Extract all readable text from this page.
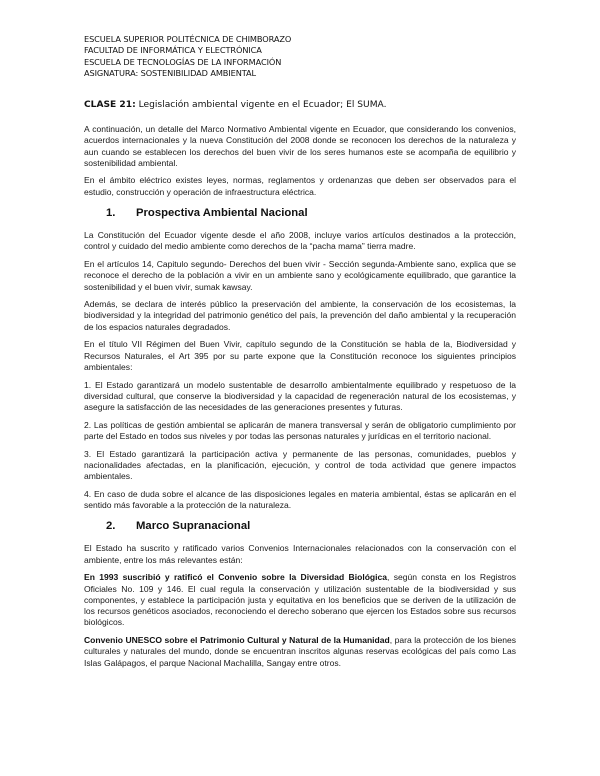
ESCUELA SUPERIOR POLITÉCNICA DE CHIMBORAZO
FACULTAD DE INFORMÁTICA Y ELECTRÓNICA
ESCUELA DE TECNOLOGÍAS DE LA INFORMACIÓN
ASIGNATURA: SOSTENIBILIDAD AMBIENTAL
CLASE 21: Legislación ambiental vigente en el Ecuador; El SUMA.

A continuación, un detalle del Marco Normativo Ambiental vigente en Ecuador, que considerando los convenios, acuerdos internacionales y la nueva Constitución del 2008 donde se reconocen los derechos de la naturaleza y aun cuando se establecen los derechos del buen vivir de los seres humanos este se acompaña de equilibrio y sostenibilidad ambiental.

En el ámbito eléctrico existes leyes, normas, reglamentos y ordenanzas que deben ser observados para el estudio, construcción y operación de infraestructura eléctrica.

1. Prospectiva Ambiental Nacional

La Constitución del Ecuador vigente desde el año 2008, incluye varios artículos destinados a la protección, control y cuidado del medio ambiente como derechos de la “pacha mama” tierra madre.

En el artículos 14, Capitulo segundo- Derechos del buen vivir - Sección segunda-Ambiente sano, explica que se reconoce el derecho de la población a vivir en un ambiente sano y ecológicamente equilibrado, que garantice la sostenibilidad y el buen vivir, sumak kawsay.

Además, se declara de interés público la preservación del ambiente, la conservación de los ecosistemas, la biodiversidad y la integridad del patrimonio genético del país, la prevención del daño ambiental y la recuperación de los espacios naturales degradados.

En el título VII Régimen del Buen Vivir, capítulo segundo de la Constitución se habla de la, Biodiversidad y Recursos Naturales, el Art 395 por su parte expone que la Constitución reconoce los siguientes principios ambientales:

1. El Estado garantizará un modelo sustentable de desarrollo ambientalmente equilibrado y respetuoso de la diversidad cultural, que conserve la biodiversidad y la capacidad de regeneración natural de los ecosistemas, y asegure la satisfacción de las necesidades de las generaciones presentes y futuras.

2. Las políticas de gestión ambiental se aplicarán de manera transversal y serán de obligatorio cumplimiento por parte del Estado en todos sus niveles y por todas las personas naturales y jurídicas en el territorio nacional.

3. El Estado garantizará la participación activa y permanente de las personas, comunidades, pueblos y nacionalidades afectadas, en la planificación, ejecución, y control de toda actividad que genere impactos ambientales.

4. En caso de duda sobre el alcance de las disposiciones legales en materia ambiental, éstas se aplicarán en el sentido más favorable a la protección de la naturaleza.

2. Marco Supranacional

El Estado ha suscrito y ratificado varios Convenios Internacionales relacionados con la conservación con el ambiente, entre los más relevantes están:

En 1993 suscribió y ratificó el Convenio sobre la Diversidad Biológica, según consta en los Registros Oficiales No. 109 y 146. El cual regula la conservación y utilización sustentable de la biodiversidad y sus componentes, y establece la participación justa y equitativa en los beneficios que se deriven de la utilización de los recursos genéticos asociados, reconociendo el derecho soberano que ejercen los Estados sobre sus recursos biológicos.

Convenio UNESCO sobre el Patrimonio Cultural y Natural de la Humanidad, para la protección de los bienes culturales y naturales del mundo, donde se encuentran inscritos algunas reservas ecológicas del país como Las Islas Galápagos, el parque Nacional Machalilla, Sangay entre otros.
